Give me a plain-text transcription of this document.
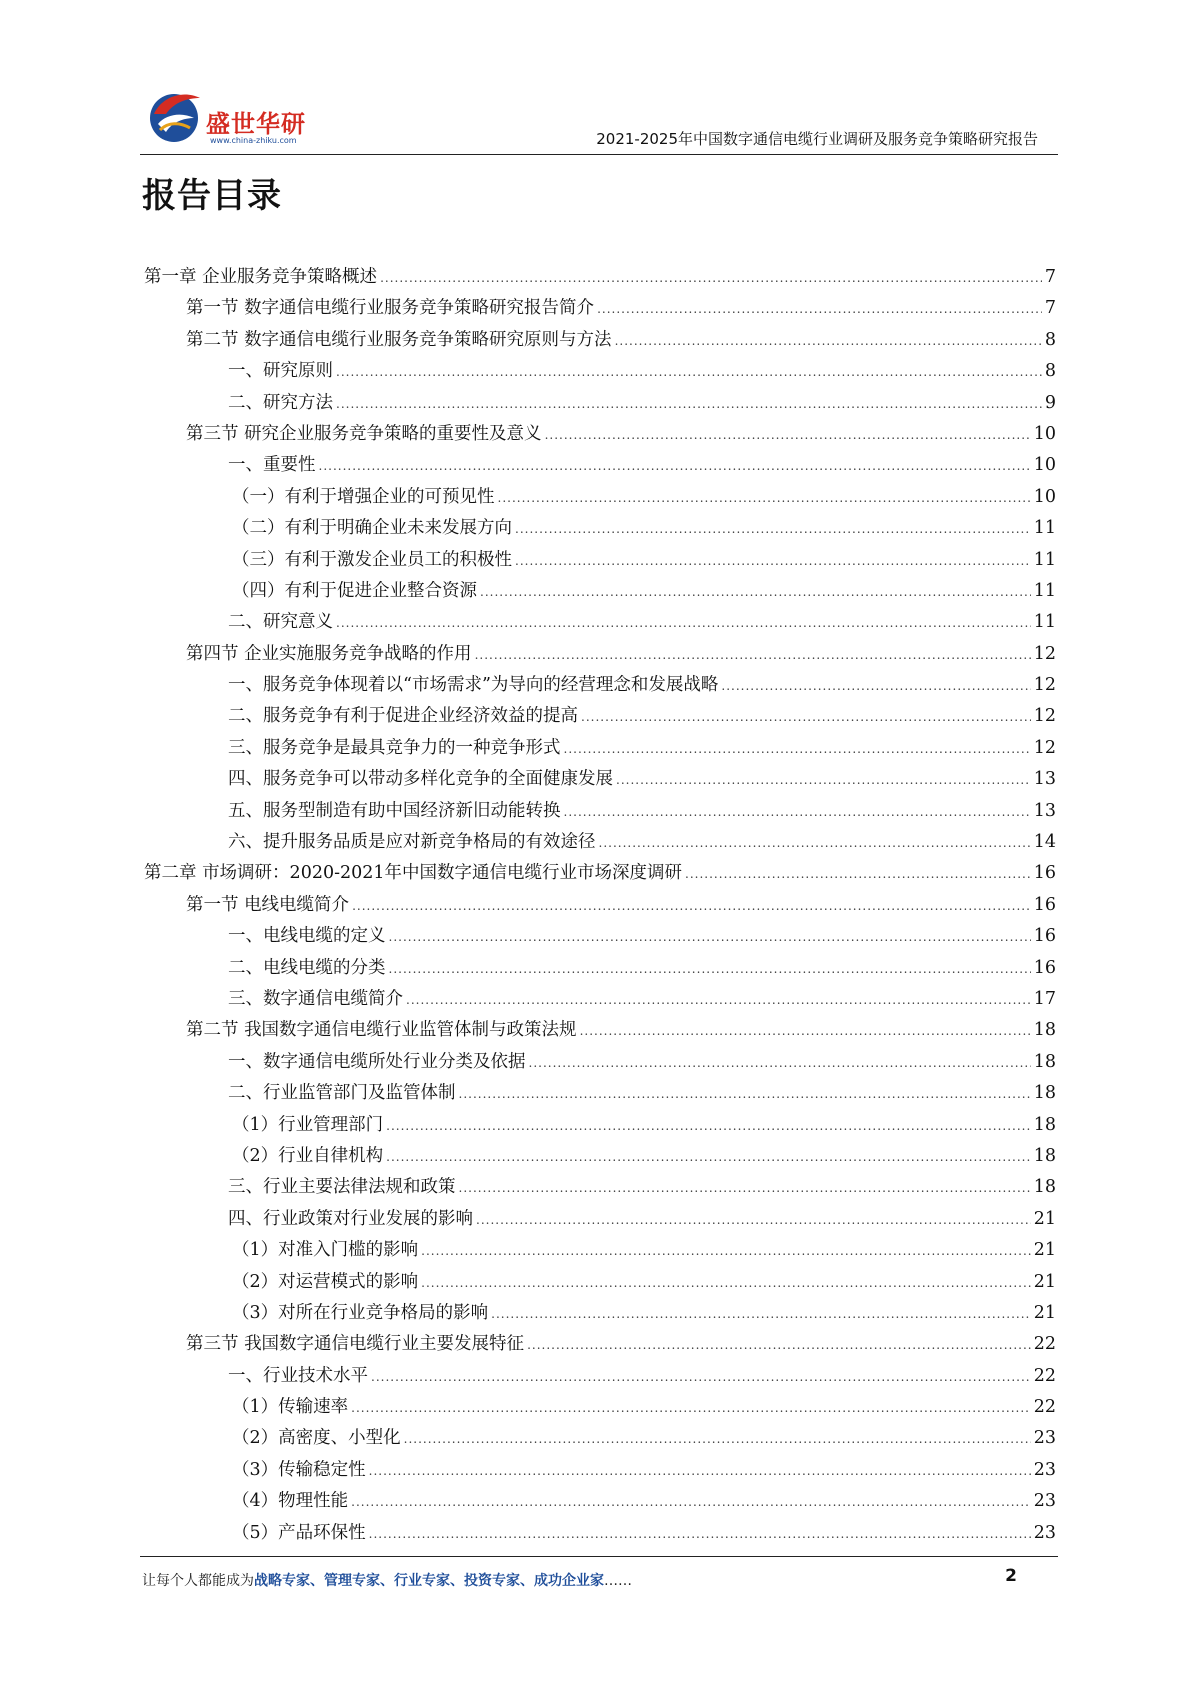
盛世华研
www.china-zhiku.com	2021-2025年中国数字通信电缆行业调研及服务竞争策略研究报告
报告目录
第一章 企业服务竞争策略概述 .....	7
第一节 数字通信电缆行业服务竞争策略研究报告简介 .....	7
第二节 数字通信电缆行业服务竞争策略研究原则与方法 .....	8
一、研究原则 .....	8
二、研究方法 .....	9
第三节 研究企业服务竞争策略的重要性及意义 .....	10
一、重要性 .....	10
（一）有利于增强企业的可预见性 .....	10
（二）有利于明确企业未来发展方向 .....	11
（三）有利于激发企业员工的积极性 .....	11
（四）有利于促进企业整合资源 .....	11
二、研究意义 .....	11
第四节 企业实施服务竞争战略的作用 .....	12
一、服务竞争体现着以“市场需求”为导向的经营理念和发展战略 .....	12
二、服务竞争有利于促进企业经济效益的提高 .....	12
三、服务竞争是最具竞争力的一种竞争形式 .....	12
四、服务竞争可以带动多样化竞争的全面健康发展 .....	13
五、服务型制造有助中国经济新旧动能转换 .....	13
六、提升服务品质是应对新竞争格局的有效途径 .....	14
第二章 市场调研：2020-2021年中国数字通信电缆行业市场深度调研 .....	16
第一节 电线电缆简介 .....	16
一、电线电缆的定义 .....	16
二、电线电缆的分类 .....	16
三、数字通信电缆简介 .....	17
第二节 我国数字通信电缆行业监管体制与政策法规 .....	18
一、数字通信电缆所处行业分类及依据 .....	18
二、行业监管部门及监管体制 .....	18
（1）行业管理部门 .....	18
（2）行业自律机构 .....	18
三、行业主要法律法规和政策 .....	18
四、行业政策对行业发展的影响 .....	21
（1）对准入门槛的影响 .....	21
（2）对运营模式的影响 .....	21
（3）对所在行业竞争格局的影响 .....	21
第三节 我国数字通信电缆行业主要发展特征 .....	22
一、行业技术水平 .....	22
（1）传输速率 .....	22
（2）高密度、小型化 .....	23
（3）传输稳定性 .....	23
（4）物理性能 .....	23
（5）产品环保性 .....	23
让每个人都能成为战略专家、管理专家、行业专家、投资专家、成功企业家……	2
